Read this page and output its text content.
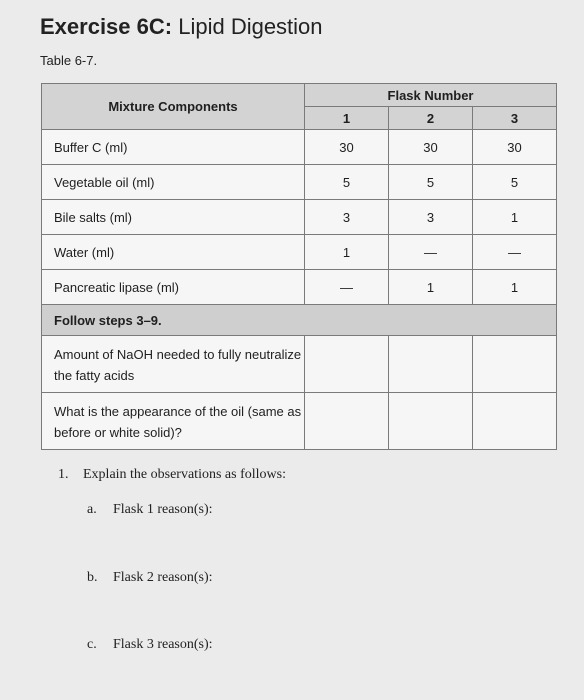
Exercise 6C: Lipid Digestion
Table 6-7.
Mixture Components	Flask Number		
	1	2	3
Buffer C (ml)	30	30	30
Vegetable oil (ml)	5	5	5
Bile salts (ml)	3	3	1
Water (ml)	1	—	—
Pancreatic lipase (ml)	—	1	1
Follow steps 3–9.			
Amount of NaOH needed to fully neutralize the fatty acids			
What is the appearance of the oil (same as before or white solid)?			
1. Explain the observations as follows:
a. Flask 1 reason(s):
b. Flask 2 reason(s):
c. Flask 3 reason(s):
